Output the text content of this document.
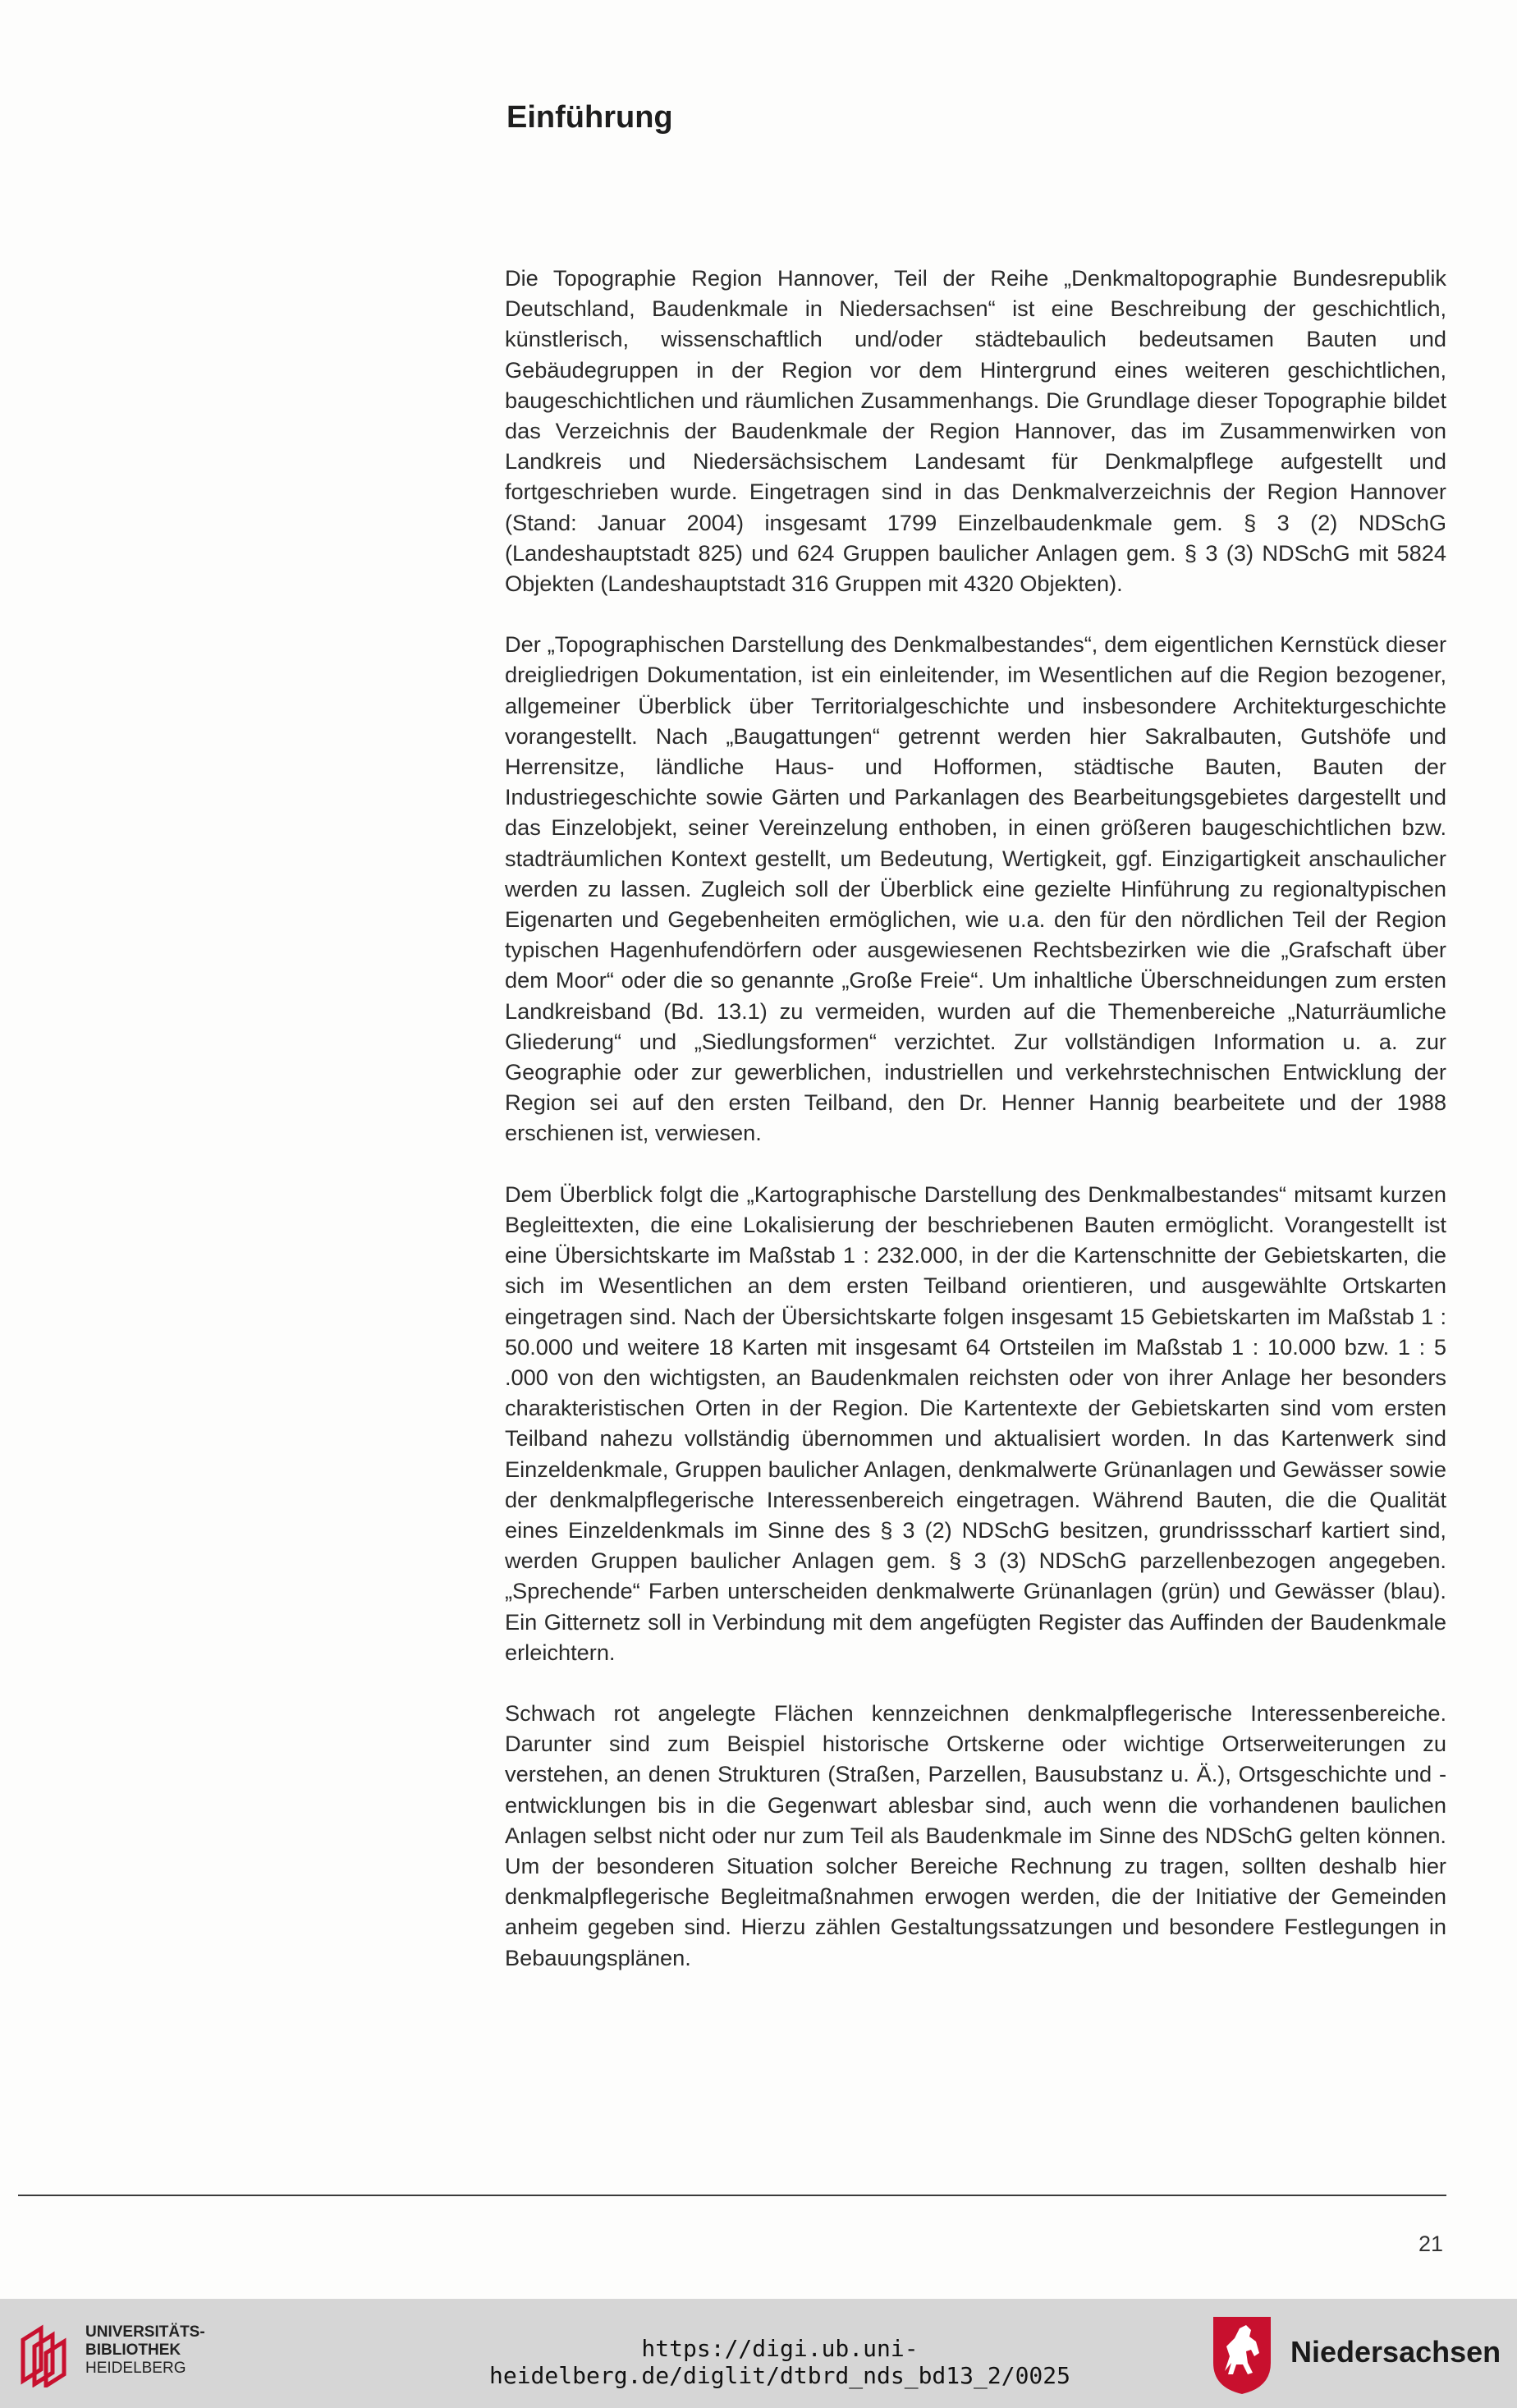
Einführung

Die Topographie Region Hannover, Teil der Reihe „Denkmaltopographie Bundesrepublik Deutschland, Baudenkmale in Niedersachsen“ ist eine Beschreibung der geschichtlich, künstlerisch, wissenschaftlich und/oder städtebaulich bedeutsamen Bauten und Gebäudegruppen in der Region vor dem Hintergrund eines weiteren geschichtlichen, baugeschichtlichen und räumlichen Zusammenhangs. Die Grundlage dieser Topographie bildet das Verzeichnis der Baudenkmale der Region Hannover, das im Zusammenwirken von Landkreis und Niedersächsischem Landesamt für Denkmalpflege aufgestellt und fortgeschrieben wurde. Eingetragen sind in das Denkmalverzeichnis der Region Hannover (Stand: Januar 2004) insgesamt 1799 Einzelbaudenkmale gem. § 3 (2) NDSchG (Landeshauptstadt 825) und 624 Gruppen baulicher Anlagen gem. § 3 (3) NDSchG mit 5824 Objekten (Landeshauptstadt 316 Gruppen mit 4320 Objekten).

Der „Topographischen Darstellung des Denkmalbestandes“, dem eigentlichen Kernstück dieser dreigliedrigen Dokumentation, ist ein einleitender, im Wesentlichen auf die Region bezogener, allgemeiner Überblick über Territorialgeschichte und insbesondere Architekturgeschichte vorangestellt. Nach „Baugattungen“ getrennt werden hier Sakralbauten, Gutshöfe und Herrensitze, ländliche Haus- und Hofformen, städtische Bauten, Bauten der Industriegeschichte sowie Gärten und Parkanlagen des Bearbeitungsgebietes dargestellt und das Einzelobjekt, seiner Vereinzelung enthoben, in einen größeren baugeschichtlichen bzw. stadträumlichen Kontext gestellt, um Bedeutung, Wertigkeit, ggf. Einzigartigkeit anschaulicher werden zu lassen. Zugleich soll der Überblick eine gezielte Hinführung zu regionaltypischen Eigenarten und Gegebenheiten ermöglichen, wie u.a. den für den nördlichen Teil der Region typischen Hagenhufendörfern oder ausgewiesenen Rechtsbezirken wie die „Grafschaft über dem Moor“ oder die so genannte „Große Freie“. Um inhaltliche Überschneidungen zum ersten Landkreisband (Bd. 13.1) zu vermeiden, wurden auf die Themenbereiche „Naturräumliche Gliederung“ und „Siedlungsformen“ verzichtet. Zur vollständigen Information u. a. zur Geographie oder zur gewerblichen, industriellen und verkehrstechnischen Entwicklung der Region sei auf den ersten Teilband, den Dr. Henner Hannig bearbeitete und der 1988 erschienen ist, verwiesen.

Dem Überblick folgt die „Kartographische Darstellung des Denkmalbestandes“ mitsamt kurzen Begleittexten, die eine Lokalisierung der beschriebenen Bauten ermöglicht. Vorangestellt ist eine Übersichtskarte im Maßstab 1 : 232.000, in der die Kartenschnitte der Gebietskarten, die sich im Wesentlichen an dem ersten Teilband orientieren, und ausgewählte Ortskarten eingetragen sind. Nach der Übersichtskarte folgen insgesamt 15 Gebietskarten im Maßstab 1 : 50.000 und weitere 18 Karten mit insgesamt 64 Ortsteilen im Maßstab 1 : 10.000 bzw. 1 : 5 .000 von den wichtigsten, an Baudenkmalen reichsten oder von ihrer Anlage her besonders charakteristischen Orten in der Region. Die Kartentexte der Gebietskarten sind vom ersten Teilband nahezu vollständig übernommen und aktualisiert worden. In das Kartenwerk sind Einzeldenkmale, Gruppen baulicher Anlagen, denkmalwerte Grünanlagen und Gewässer sowie der denkmalpflegerische Interessenbereich eingetragen. Während Bauten, die die Qualität eines Einzeldenkmals im Sinne des § 3 (2) NDSchG besitzen, grundrissscharf kartiert sind, werden Gruppen baulicher Anlagen gem. § 3 (3) NDSchG parzellenbezogen angegeben. „Sprechende“ Farben unterscheiden denkmalwerte Grünanlagen (grün) und Gewässer (blau). Ein Gitternetz soll in Verbindung mit dem angefügten Register das Auffinden der Baudenkmale erleichtern.

Schwach rot angelegte Flächen kennzeichnen denkmalpflegerische Interessenbereiche. Darunter sind zum Beispiel historische Ortskerne oder wichtige Ortserweiterungen zu verstehen, an denen Strukturen (Straßen, Parzellen, Bausubstanz u. Ä.), Ortsgeschichte und -entwicklungen bis in die Gegenwart ablesbar sind, auch wenn die vorhandenen baulichen Anlagen selbst nicht oder nur zum Teil als Baudenkmale im Sinne des NDSchG gelten können. Um der besonderen Situation solcher Bereiche Rechnung zu tragen, sollten deshalb hier denkmalpflegerische Begleitmaßnahmen erwogen werden, die der Initiative der Gemeinden anheim gegeben sind. Hierzu zählen Gestaltungssatzungen und besondere Festlegungen in Bebauungsplänen.

21
UNIVERSITÄTS-
BIBLIOTHEK
HEIDELBERG
https://digi.ub.uni-heidelberg.de/diglit/dtbrd_nds_bd13_2/0025
Niedersachsen
